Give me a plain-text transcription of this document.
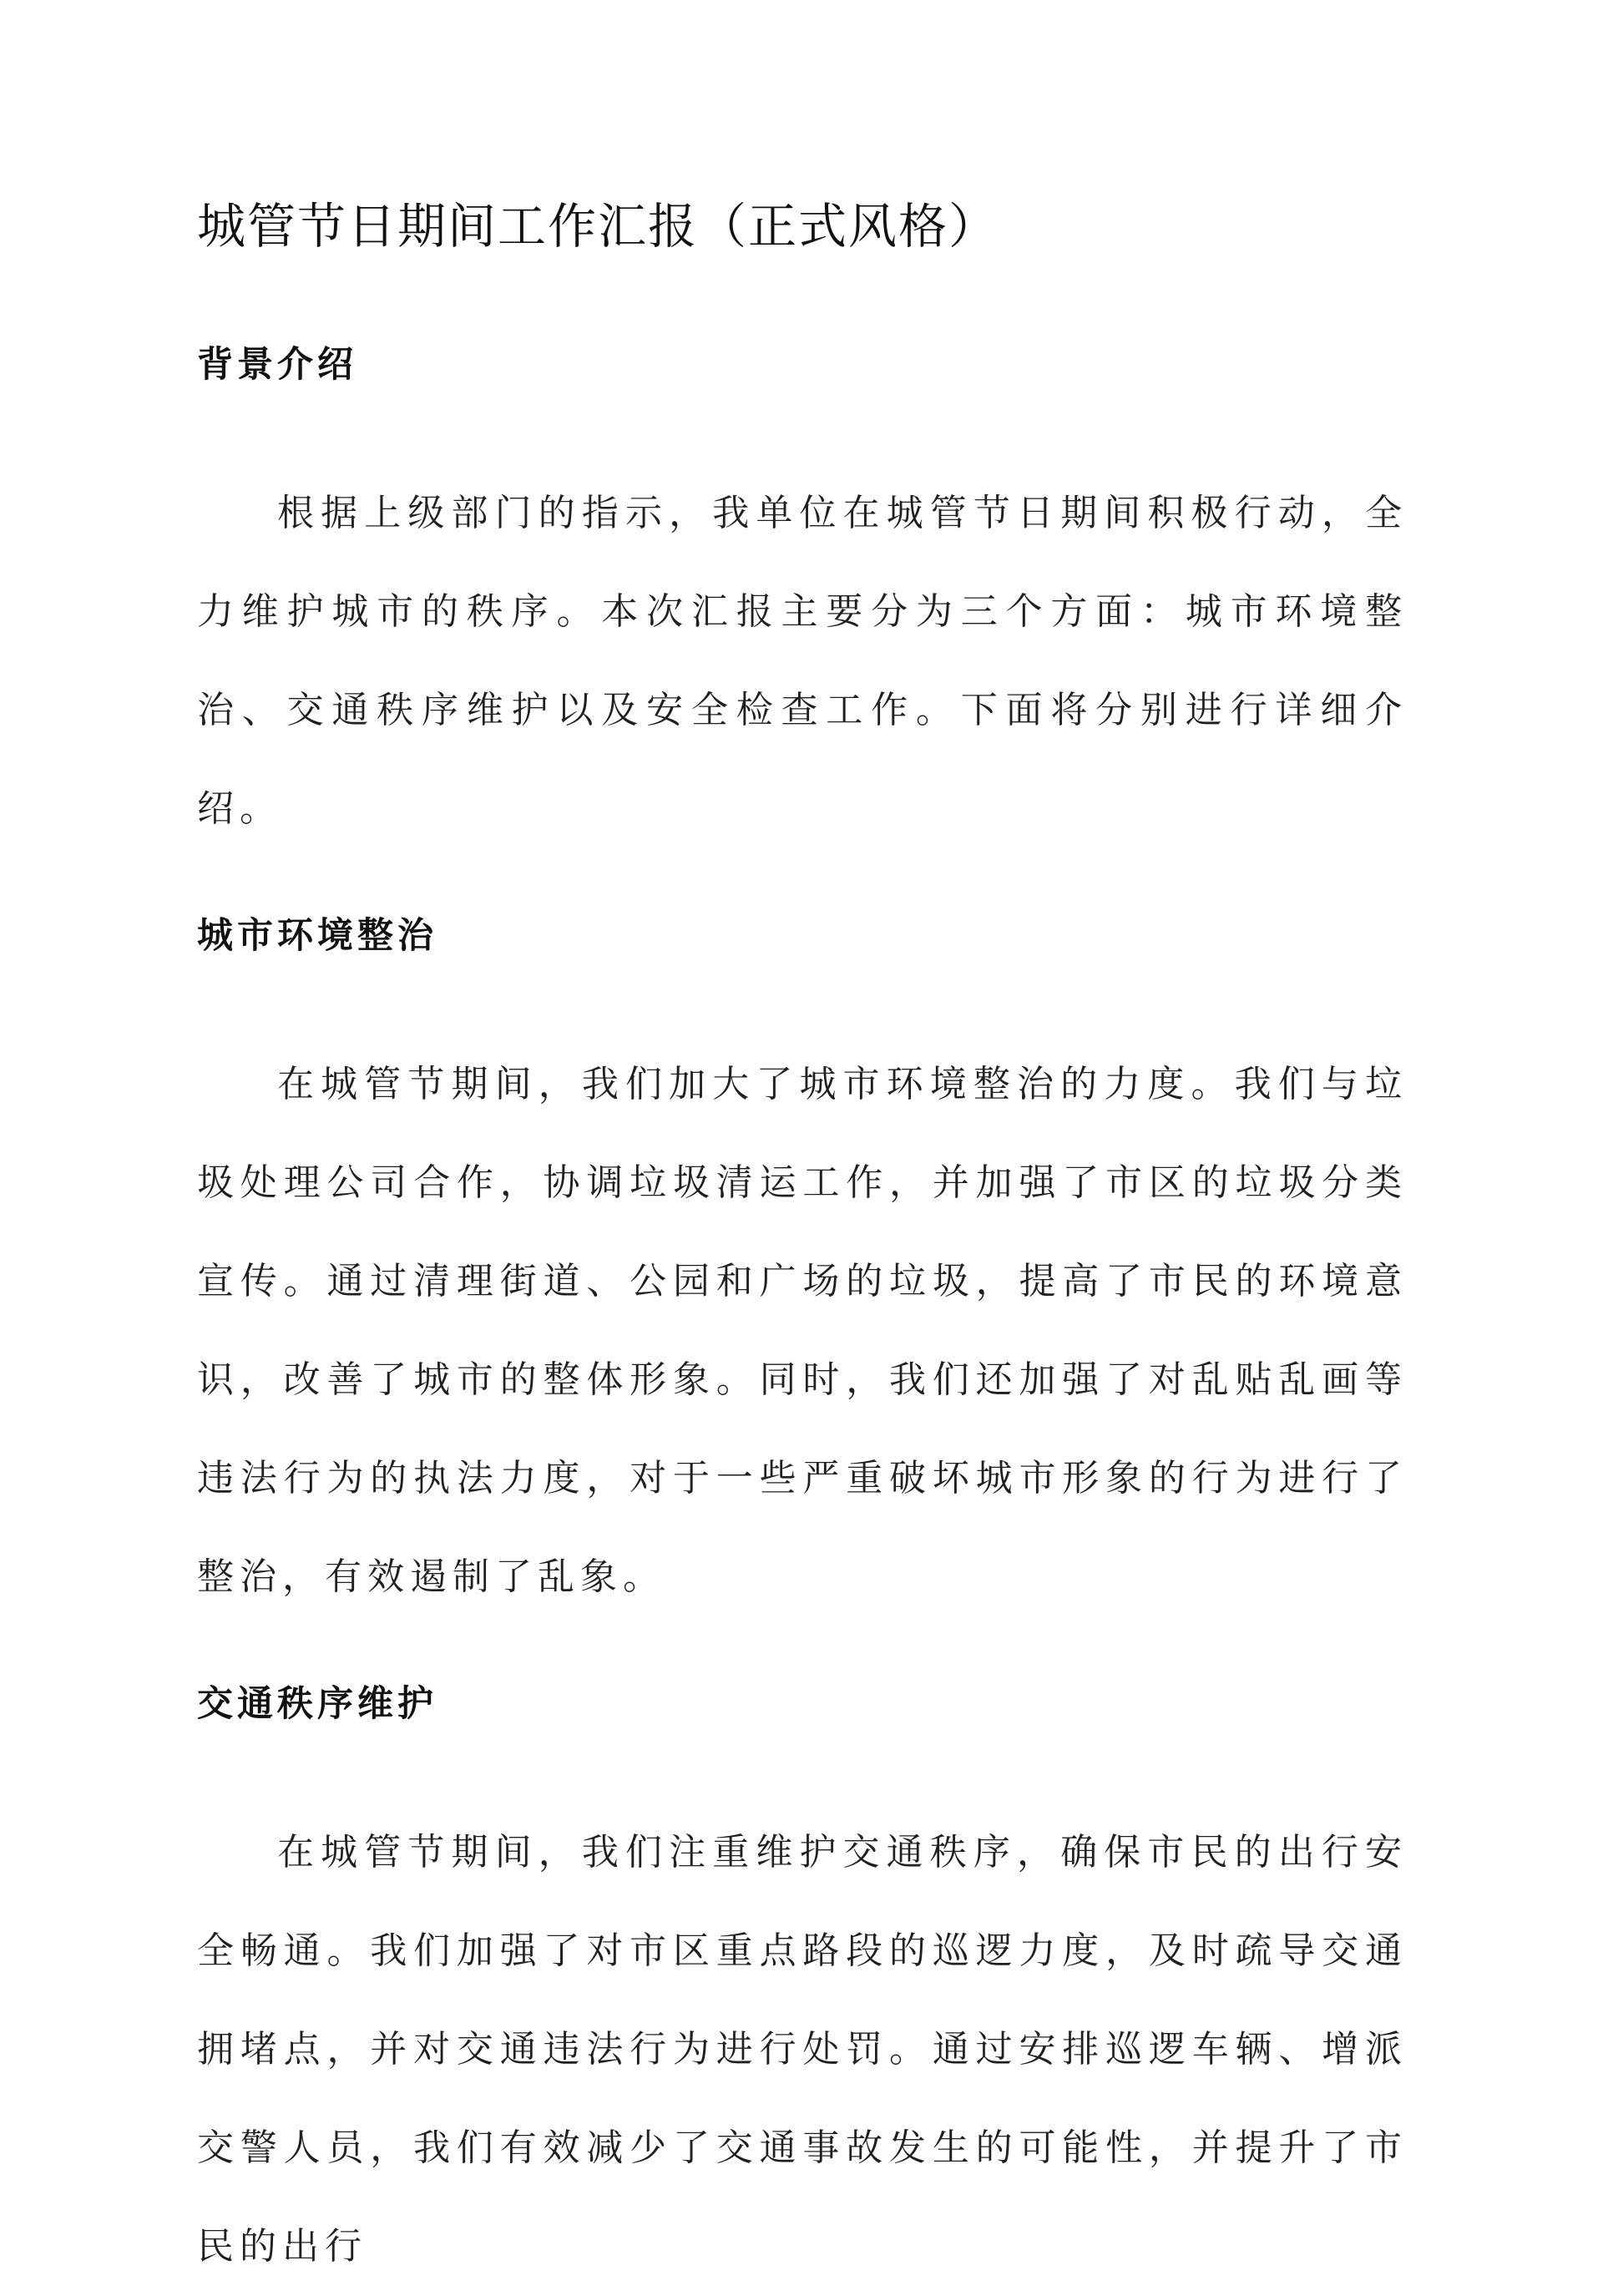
城管节日期间工作汇报（正式风格）
背景介绍

根据上级部门的指示，我单位在城管节日期间积极行动，全力维护城市的秩序。本次汇报主要分为三个方面：城市环境整治、交通秩序维护以及安全检查工作。下面将分别进行详细介绍。

城市环境整治

在城管节期间，我们加大了城市环境整治的力度。我们与垃圾处理公司合作，协调垃圾清运工作，并加强了市区的垃圾分类宣传。通过清理街道、公园和广场的垃圾，提高了市民的环境意识，改善了城市的整体形象。同时，我们还加强了对乱贴乱画等违法行为的执法力度，对于一些严重破坏城市形象的行为进行了整治，有效遏制了乱象。

交通秩序维护

在城管节期间，我们注重维护交通秩序，确保市民的出行安全畅通。我们加强了对市区重点路段的巡逻力度，及时疏导交通拥堵点，并对交通违法行为进行处罚。通过安排巡逻车辆、增派交警人员，我们有效减少了交通事故发生的可能性，并提升了市民的出行
